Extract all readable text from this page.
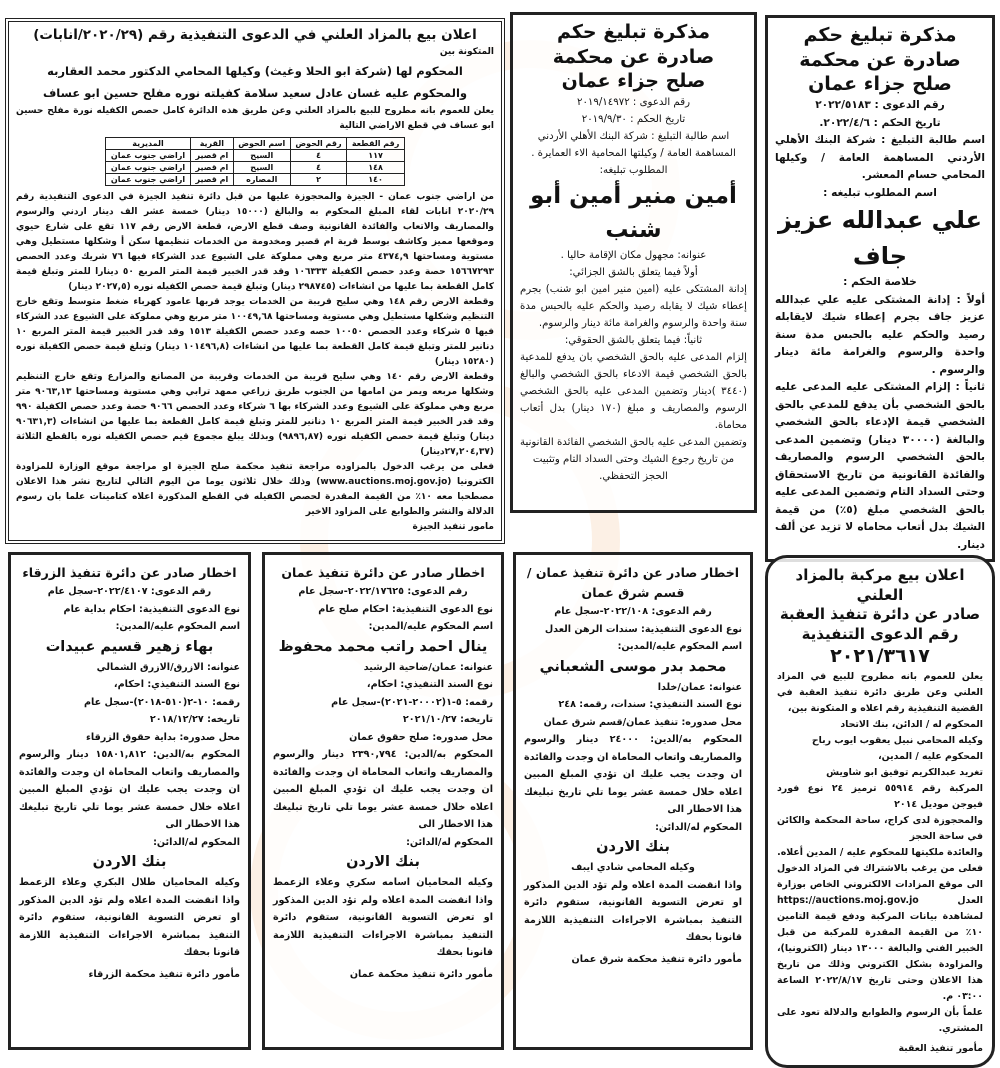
مذكرة تبليغ حكم
صادرة عن محكمة
صلح جزاء عمان
رقم الدعوى : ٢٠٢٢/٥١٨٣
تاريخ الحكم : ٢٠٢٢/٤/٦.
اسم طالبة التبليغ : شركة البنك الأهلي الأردني المساهمة العامة / وكيلها المحامي حسام المعشر.
اسم المطلوب تبليغه :
علي عبدالله عزيز جاف
خلاصة الحكم :
أولاً : إدانة المشتكى عليه علي عبدالله عزيز جاف بجرم إعطاء شيك لايقابله رصيد والحكم عليه بالحبس مدة سنة واحدة والرسوم والغرامة مائة دينار والرسوم .
ثانياً : إلزام المشتكى عليه المدعى عليه بالحق الشخصي بأن يدفع للمدعي بالحق الشخصي قيمة الإدعاء بالحق الشخصي والبالغة (٣٠٠٠٠ دينار) وتضمين المدعى بالحق الشخصي الرسوم والمصاريف والفائدة القانونية من تاريخ الاستحقاق وحتى السداد التام وتضمين المدعى عليه بالحق الشخصي مبلغ (٥٪) من قيمة الشيك بدل أتعاب محاماه لا تزيد عن ألف دينار.
مذكرة تبليغ حكم
صادرة عن محكمة
صلح جزاء عمان
رقم الدعوى : ٢٠١٩/١٤٩٧٢
تاريخ الحكم : ٢٠١٩/٩/٣٠
اسم طالبة التبليغ : شركة البنك الأهلي الأردني المساهمة العامة / وكيلتها المحامية الاء العمايرة .
المطلوب تبليغه:
أمين منير أمين أبو شنب
عنوانه: مجهول مكان الإقامة حاليا .
أولاً فيما يتعلق بالشق الجزائي:
إدانة المشتكى عليه (امين منير امين ابو شنب) بجرم إعطاء شيك لا يقابله رصيد والحكم عليه بالحبس مدة سنة واحدة والرسوم والغرامة مائة دينار والرسوم.
ثانياً: فيما يتعلق بالشق الحقوقي:
إلزام المدعى عليه بالحق الشخصي بان يدفع للمدعية بالحق الشخصي قيمة الادعاء بالحق الشخصي والبالغ (٣٤٤٠ )دينار وتضمين المدعى عليه بالحق الشخصي الرسوم والمصاريف و مبلغ (١٧٠ دينار) بدل أتعاب محاماة.
وتضمين المدعى عليه بالحق الشخصي الفائدة القانونية من تاريخ رجوع الشيك وحتى السداد التام وتثبيت الحجز التحفظي.
اعلان بيع بالمزاد العلني في الدعوى التنفيذية رقم (٢٠٢٠/٢٩/انابات)
المتكونة بين
المحكوم لها (شركة ابو الحلا وغيث) وكيلها المحامي الدكتور محمد العقاربه
والمحكوم عليه غسان عادل سعيد سلامة كفيلته نوره مفلح حسين ابو عساف
يعلن للعموم بانه مطروح للبيع بالمزاد العلني وعن طريق هذه الدائرة كامل حصص الكفيله نورة مفلح حسين ابو عساف في قطع الاراضي التالية
رقم القطعة	رقم الحوض	اسم الحوض	القرية	المديرية
١١٧	٤	السيح	ام قصير	اراضي جنوب عمان
١٤٨	٤	السيح	ام قصير	اراضي جنوب عمان
١٤٠	٢	المصاره	ام قصير	اراضي جنوب عمان
من اراضي جنوب عمان - الجيزة والمحجوزة عليها من قبل دائرة تنفيذ الجيزة في الدعوى التنفيذية رقم ٢٠٢٠/٢٩ انابات لقاء المبلغ المحكوم به والبالغ (١٥٠٠٠ دينار) خمسة عشر الف دينار اردني والرسوم والمصاريف والاتعاب والفائدة القانونية وصف قطع الارض، قطعة الارض رقم ١١٧ تقع على شارع حيوي وموقعها مميز وكاشف بوسط قرية ام قصير ومخدومة من الخدمات تنظيمها سكن أ وشكلها مستطيل وهي مستوية ومساحتها ٤٣٧٤,٩ متر مربع وهي مملوكة على الشيوع عدد الشركاء فيها ٧٦ شريك وعدد الحصص ١٥٦٦٧٢٩٣ حصة وعدد حصص الكفيلة ١٠٦٣٣٣ وقد قدر الخبير قيمة المتر المربع ٥٠ دينارا للمتر وتبلغ قيمة كامل القطعة بما عليها من انشاءات (٢٩٨٧٤٥ دينار) وتبلغ قيمة حصص الكفيله نوره (٢٠٢٧,٥ دينار)
وقطعة الارض رقم ١٤٨ وهي سليح قريبة من الخدمات يوجد قربها عامود كهرباء ضغط متوسط وتقع خارج التنظيم وشكلها مستطيل وهي مستوية ومساحتها ١٠٠٤٩,٦٨ متر مربع وهي مملوكة على الشيوع عدد الشركاء فيها ٥ شركاء وعدد الحصص ١٠٠٥٠ حصه وعدد حصص الكفيلة ١٥١٣ وقد قدر الخبير قيمة المتر المربع ١٠ دنانير للمتر وتبلغ قيمة كامل القطعة بما عليها من انشاءات (١٠١٤٩٦,٨ دينار) وتبلغ قيمة حصص الكفيلة نوره (١٥٢٨٠ دينار)
وقطعة الارض رقم ١٤٠ وهي سليح قريبة من الخدمات وقريبة من المصانع والمزارع وتقع خارج التنظيم وشكلها مربعه ويمر من امامها من الجنوب طريق زراعي ممهد ترابي وهي مستوية ومساحتها ٩٠٦٣,١٣ متر مربع وهي مملوكة على الشيوع وعدد الشركاء بها ٦ شركاء وعدد الحصص ٩٠٦٦ حصة وعدد حصص الكفيلة ٩٩٠ وقد قدر الخبير قيمة المتر المربع ١٠ دنانير للمتر وتبلغ قيمة كامل القطعة بما عليها من انشاءات (٩٠٦٣١,٣ دينار) وتبلغ قيمة حصص الكفيله نوره (٩٨٩٦,٨٧) وبذلك يبلغ مجموع قيم حصص الكفيله نوره بالقطع الثلاثة (٢٧,٢٠٤,٣٧دينار)
فعلى من يرغب الدخول بالمزاوده مراجعة تنفيذ محكمة صلح الجيزة او مراجعة موقع الوزارة للمزاودة الكترونيا (www.auctions.moj.gov.jo) وذلك خلال ثلاثون يوما من اليوم التالي لتاريخ نشر هذا الاعلان مصطحبا معه ١٠٪ من القيمة المقدرة لحصص الكفيله في القطع المذكورة اعلاه كتامينات علما بان رسوم الدلالة والنشر والطوابع على المزاود الاخير
مامور تنفيذ الجيزة
اعلان بيع مركبة بالمزاد العلني
صادر عن دائرة تنفيذ العقبة
رقم الدعوى التنفيذية
٢٠٢١/٣٦١٧
يعلن للعموم بانه مطروح للبيع في المزاد العلني وعن طريق دائرة تنفيذ العقبة في القضية التنفيذية رقم اعلاه و المتكونة بين،
المحكوم له / الدائن، بنك الاتحاد
وكيله المحامي نبيل يعقوب ايوب رباح
المحكوم عليه / المدين،
تغريد عبدالكريم توفيق ابو شاويش
المركبة رقم ٥٥٩١٤ ترميز ٢٤ نوع فورد فيوجن موديل ٢٠١٤
والمحجوزة لدى كراج، ساحة المحكمة والكائن في ساحة الحجز
والعائدة ملكيتها للمحكوم عليه / المدين أعلاه.
فعلى من يرغب بالاشتراك في المزاد الدخول الى موقع المزادات الالكتروني الخاص بوزارة العدل https://auctions.moj.gov.jo لمشاهدة بيانات المركبة ودفع قيمة التامين ١٠٪ من القيمة المقدرة للمركبة من قبل الخبير الفني والبالغة ١٣٠٠٠ دينار (الكترونيا)، والمزاودة بشكل الكتروني وذلك من تاريخ هذا الاعلان وحتى تاريخ ٢٠٢٢/٨/١٧ الساعة ٠٣:٠٠ م.
علماً بأن الرسوم والطوابع والدلالة تعود على المشتري.
مأمور تنفيذ العقبة
اخطار صادر عن دائرة تنفيذ عمان /
قسم شرق عمان
رقم الدعوى: ٢٠٢٢/١٠٨-سجل عام
نوع الدعوى التنفيذية: سندات الرهن العدل
اسم المحكوم عليه/المدين:
محمد بدر موسى الشعباني
عنوانه: عمان/خلدا
نوع السند التنفيذي: سندات، رقمه: ٢٤٨
محل صدوره: تنفيذ عمان/قسم شرق عمان
المحكوم به/الدين: ٢٤٠٠٠ دينار والرسوم والمصاريف واتعاب المحاماة ان وجدت والفائدة ان وجدت يجب عليك ان تؤدي المبلغ المبين اعلاه خلال خمسة عشر يوما تلي تاريخ تبليغك هذا الاخطار الى
المحكوم له/الدائن:
بنك الاردن
وكيله المحامي شادي ايبف
واذا انقضت المدة اعلاه ولم تؤد الدين المذكور او تعرض التسوية القانونية، ستقوم دائرة التنفيذ بمباشرة الاجراءات التنفيذية اللازمة قانونا بحقك
مأمور دائرة تنفيذ محكمة شرق عمان
اخطار صادر عن دائرة تنفيذ عمان
رقم الدعوى: ٢٠٢٢/١٧٦٢٥-سجل عام
نوع الدعوى التنفيذية: احكام صلح عام
اسم المحكوم عليه/المدين:
ينال احمد راتب محمد محفوظ
عنوانه: عمان/ضاحية الرشيد
نوع السند التنفيذي: احكام،
رقمه: ٥-١(٢٠٠٠٢-٢٠٢١)-سجل عام
تاريخه: ٢٠٢١/١٠/٢٧
محل صدوره: صلح حقوق عمان
المحكوم به/الدين: ٢٣٩٠,٧٩٤ دينار والرسوم والمصاريف واتعاب المحاماة ان وجدت والفائدة ان وجدت يجب عليك ان تؤدي المبلغ المبين اعلاه خلال خمسة عشر يوما تلي تاريخ تبليغك هذا الاخطار الى
المحكوم له/الدائن:
بنك الاردن
وكيله المحاميان اسامه سكري وعلاء الزعمط واذا انقضت المدة اعلاه ولم تؤد الدين المذكور او تعرض التسوية القانونية، ستقوم دائرة التنفيذ بمباشرة الاجراءات التنفيذية اللازمة قانونا بحقك
مأمور دائرة تنفيذ محكمة عمان
اخطار صادر عن دائرة تنفيذ الزرقاء
رقم الدعوى: ٢٠٢٢/٤١٠٧-سجل عام
نوع الدعوى التنفيذية: احكام بداية عام
اسم المحكوم عليه/المدين:
بهاء زهير قسيم عبيدات
عنوانه: الازرق/الازرق الشمالي
نوع السند التنفيذي: احكام،
رقمه: ١٠-٢(٥١٠-٢٠١٨)-سجل عام
تاريخه: ٢٠١٨/١٢/٢٧
محل صدوره: بداية حقوق الزرقاء
المحكوم به/الدين: ١٥٨٠١,٨١٢ دينار والرسوم والمصاريف واتعاب المحاماة ان وجدت والفائدة ان وجدت يجب عليك ان تؤدي المبلغ المبين اعلاه خلال خمسة عشر يوما تلي تاريخ تبليغك هذا الاخطار الى
المحكوم له/الدائن:
بنك الاردن
وكيله المحاميان طلال البكري وعلاء الزعمط واذا انقضت المدة اعلاه ولم تؤد الدين المذكور او تعرض التسوية القانونية، ستقوم دائرة التنفيذ بمباشرة الاجراءات التنفيذية اللازمة قانونا بحقك
مأمور دائرة تنفيذ محكمة الزرقاء
